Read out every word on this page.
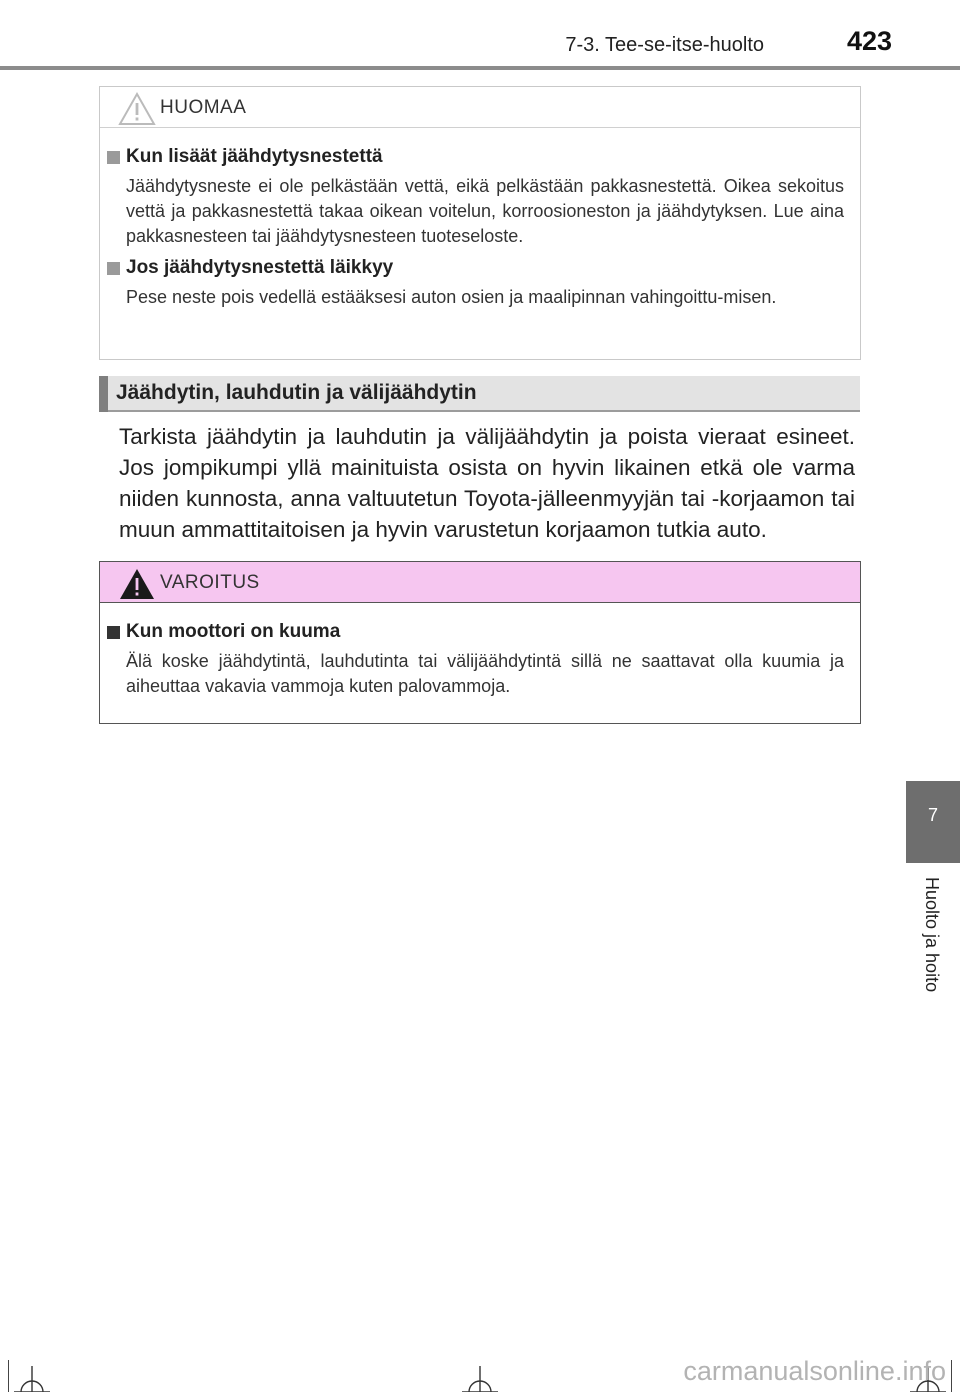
7-3. Tee-se-itse-huolto	423
HUOMAA

Kun lisäät jäähdytysnestettä

Jäähdytysneste ei ole pelkästään vettä, eikä pelkästään pakkasnestettä. Oikea sekoitus vettä ja pakkasnestettä takaa oikean voitelun, korroosioneston ja jäähdytyksen. Lue aina pakkasnesteen tai jäähdytysnesteen tuoteseloste.

Jos jäähdytysnestettä läikkyy

Pese neste pois vedellä estääksesi auton osien ja maalipinnan vahingoittu-misen.

Jäähdytin, lauhdutin ja välijäähdytin

Tarkista jäähdytin ja lauhdutin ja välijäähdytin ja poista vieraat esineet. Jos jompikumpi yllä mainituista osista on hyvin likainen etkä ole varma niiden kunnosta, anna valtuutetun Toyota-jälleenmyyjän tai -korjaamon tai muun ammattitaitoisen ja hyvin varustetun korjaamon tutkia auto.

VAROITUS

Kun moottori on kuuma

Älä koske jäähdytintä, lauhdutinta tai välijäähdytintä sillä ne saattavat olla kuumia ja aiheuttaa vakavia vammoja kuten palovammoja.

7
Huolto ja hoito
carmanualsonline.info
